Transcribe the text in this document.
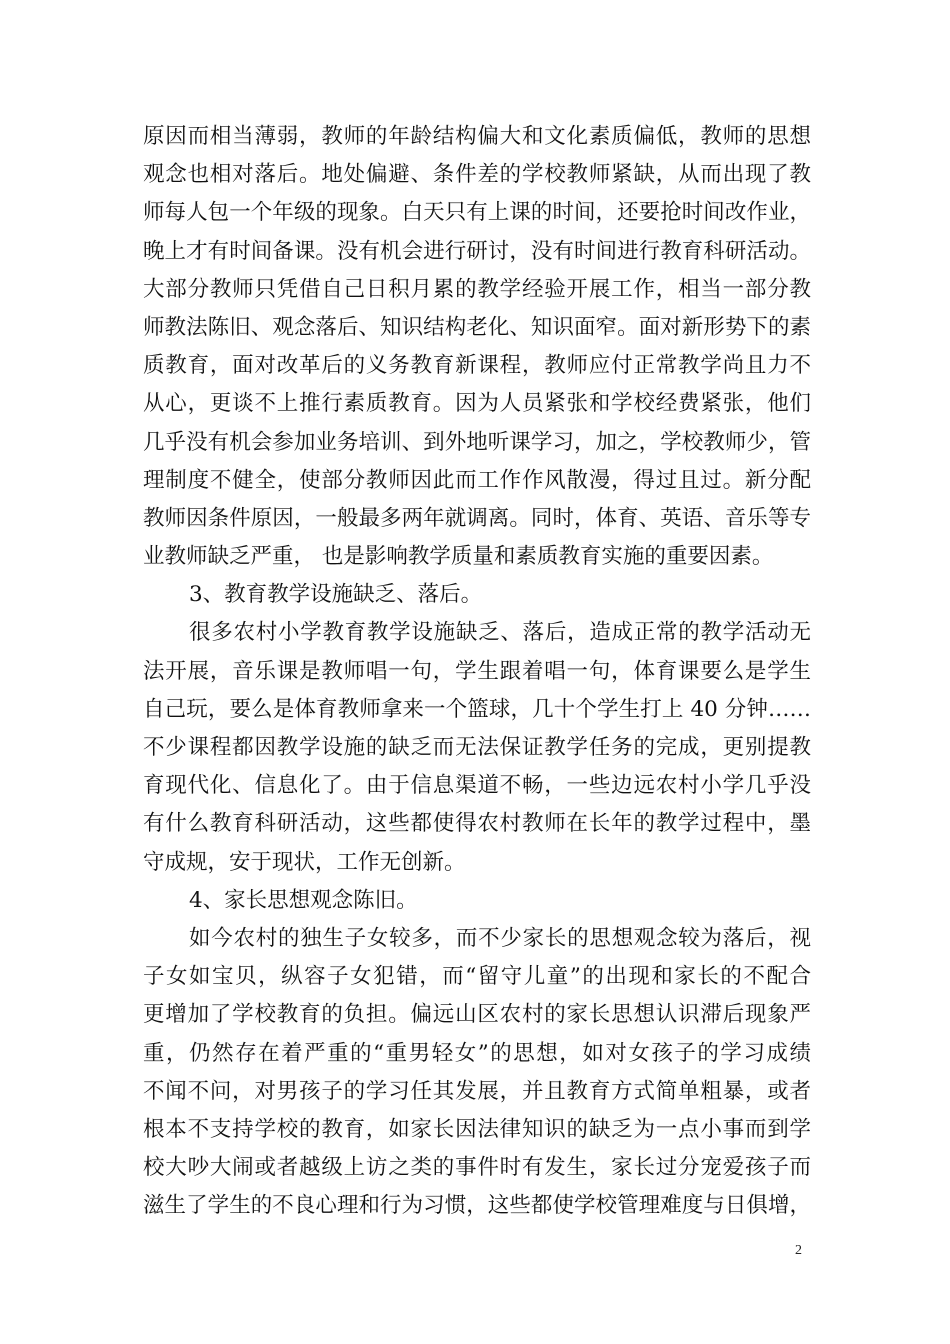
原因而相当薄弱，教师的年龄结构偏大和文化素质偏低，教师的思想
观念也相对落后。地处偏避、条件差的学校教师紧缺，从而出现了教
师每人包一个年级的现象。白天只有上课的时间，还要抢时间改作业，
晚上才有时间备课。没有机会进行研讨，没有时间进行教育科研活动。
大部分教师只凭借自己日积月累的教学经验开展工作，相当一部分教
师教法陈旧、观念落后、知识结构老化、知识面窄。面对新形势下的素
质教育，面对改革后的义务教育新课程，教师应付正常教学尚且力不
从心，更谈不上推行素质教育。因为人员紧张和学校经费紧张，他们
几乎没有机会参加业务培训、到外地听课学习，加之，学校教师少，管
理制度不健全，使部分教师因此而工作作风散漫，得过且过。新分配
教师因条件原因，一般最多两年就调离。同时，体育、英语、音乐等专
业教师缺乏严重， 也是影响教学质量和素质教育实施的重要因素。
3、教育教学设施缺乏、落后。
很多农村小学教育教学设施缺乏、落后，造成正常的教学活动无
法开展，音乐课是教师唱一句，学生跟着唱一句，体育课要么是学生
自己玩，要么是体育教师拿来一个篮球，几十个学生打上 40 分钟……
不少课程都因教学设施的缺乏而无法保证教学任务的完成，更别提教
育现代化、信息化了。由于信息渠道不畅，一些边远农村小学几乎没
有什么教育科研活动，这些都使得农村教师在长年的教学过程中，墨
守成规，安于现状，工作无创新。
4、家长思想观念陈旧。
如今农村的独生子女较多，而不少家长的思想观念较为落后，视
子女如宝贝，纵容子女犯错，而“留守儿童”的出现和家长的不配合
更增加了学校教育的负担。偏远山区农村的家长思想认识滞后现象严
重，仍然存在着严重的“重男轻女”的思想，如对女孩子的学习成绩
不闻不问，对男孩子的学习任其发展，并且教育方式简单粗暴，或者
根本不支持学校的教育，如家长因法律知识的缺乏为一点小事而到学
校大吵大闹或者越级上访之类的事件时有发生，家长过分宠爱孩子而
滋生了学生的不良心理和行为习惯，这些都使学校管理难度与日俱增，
2
